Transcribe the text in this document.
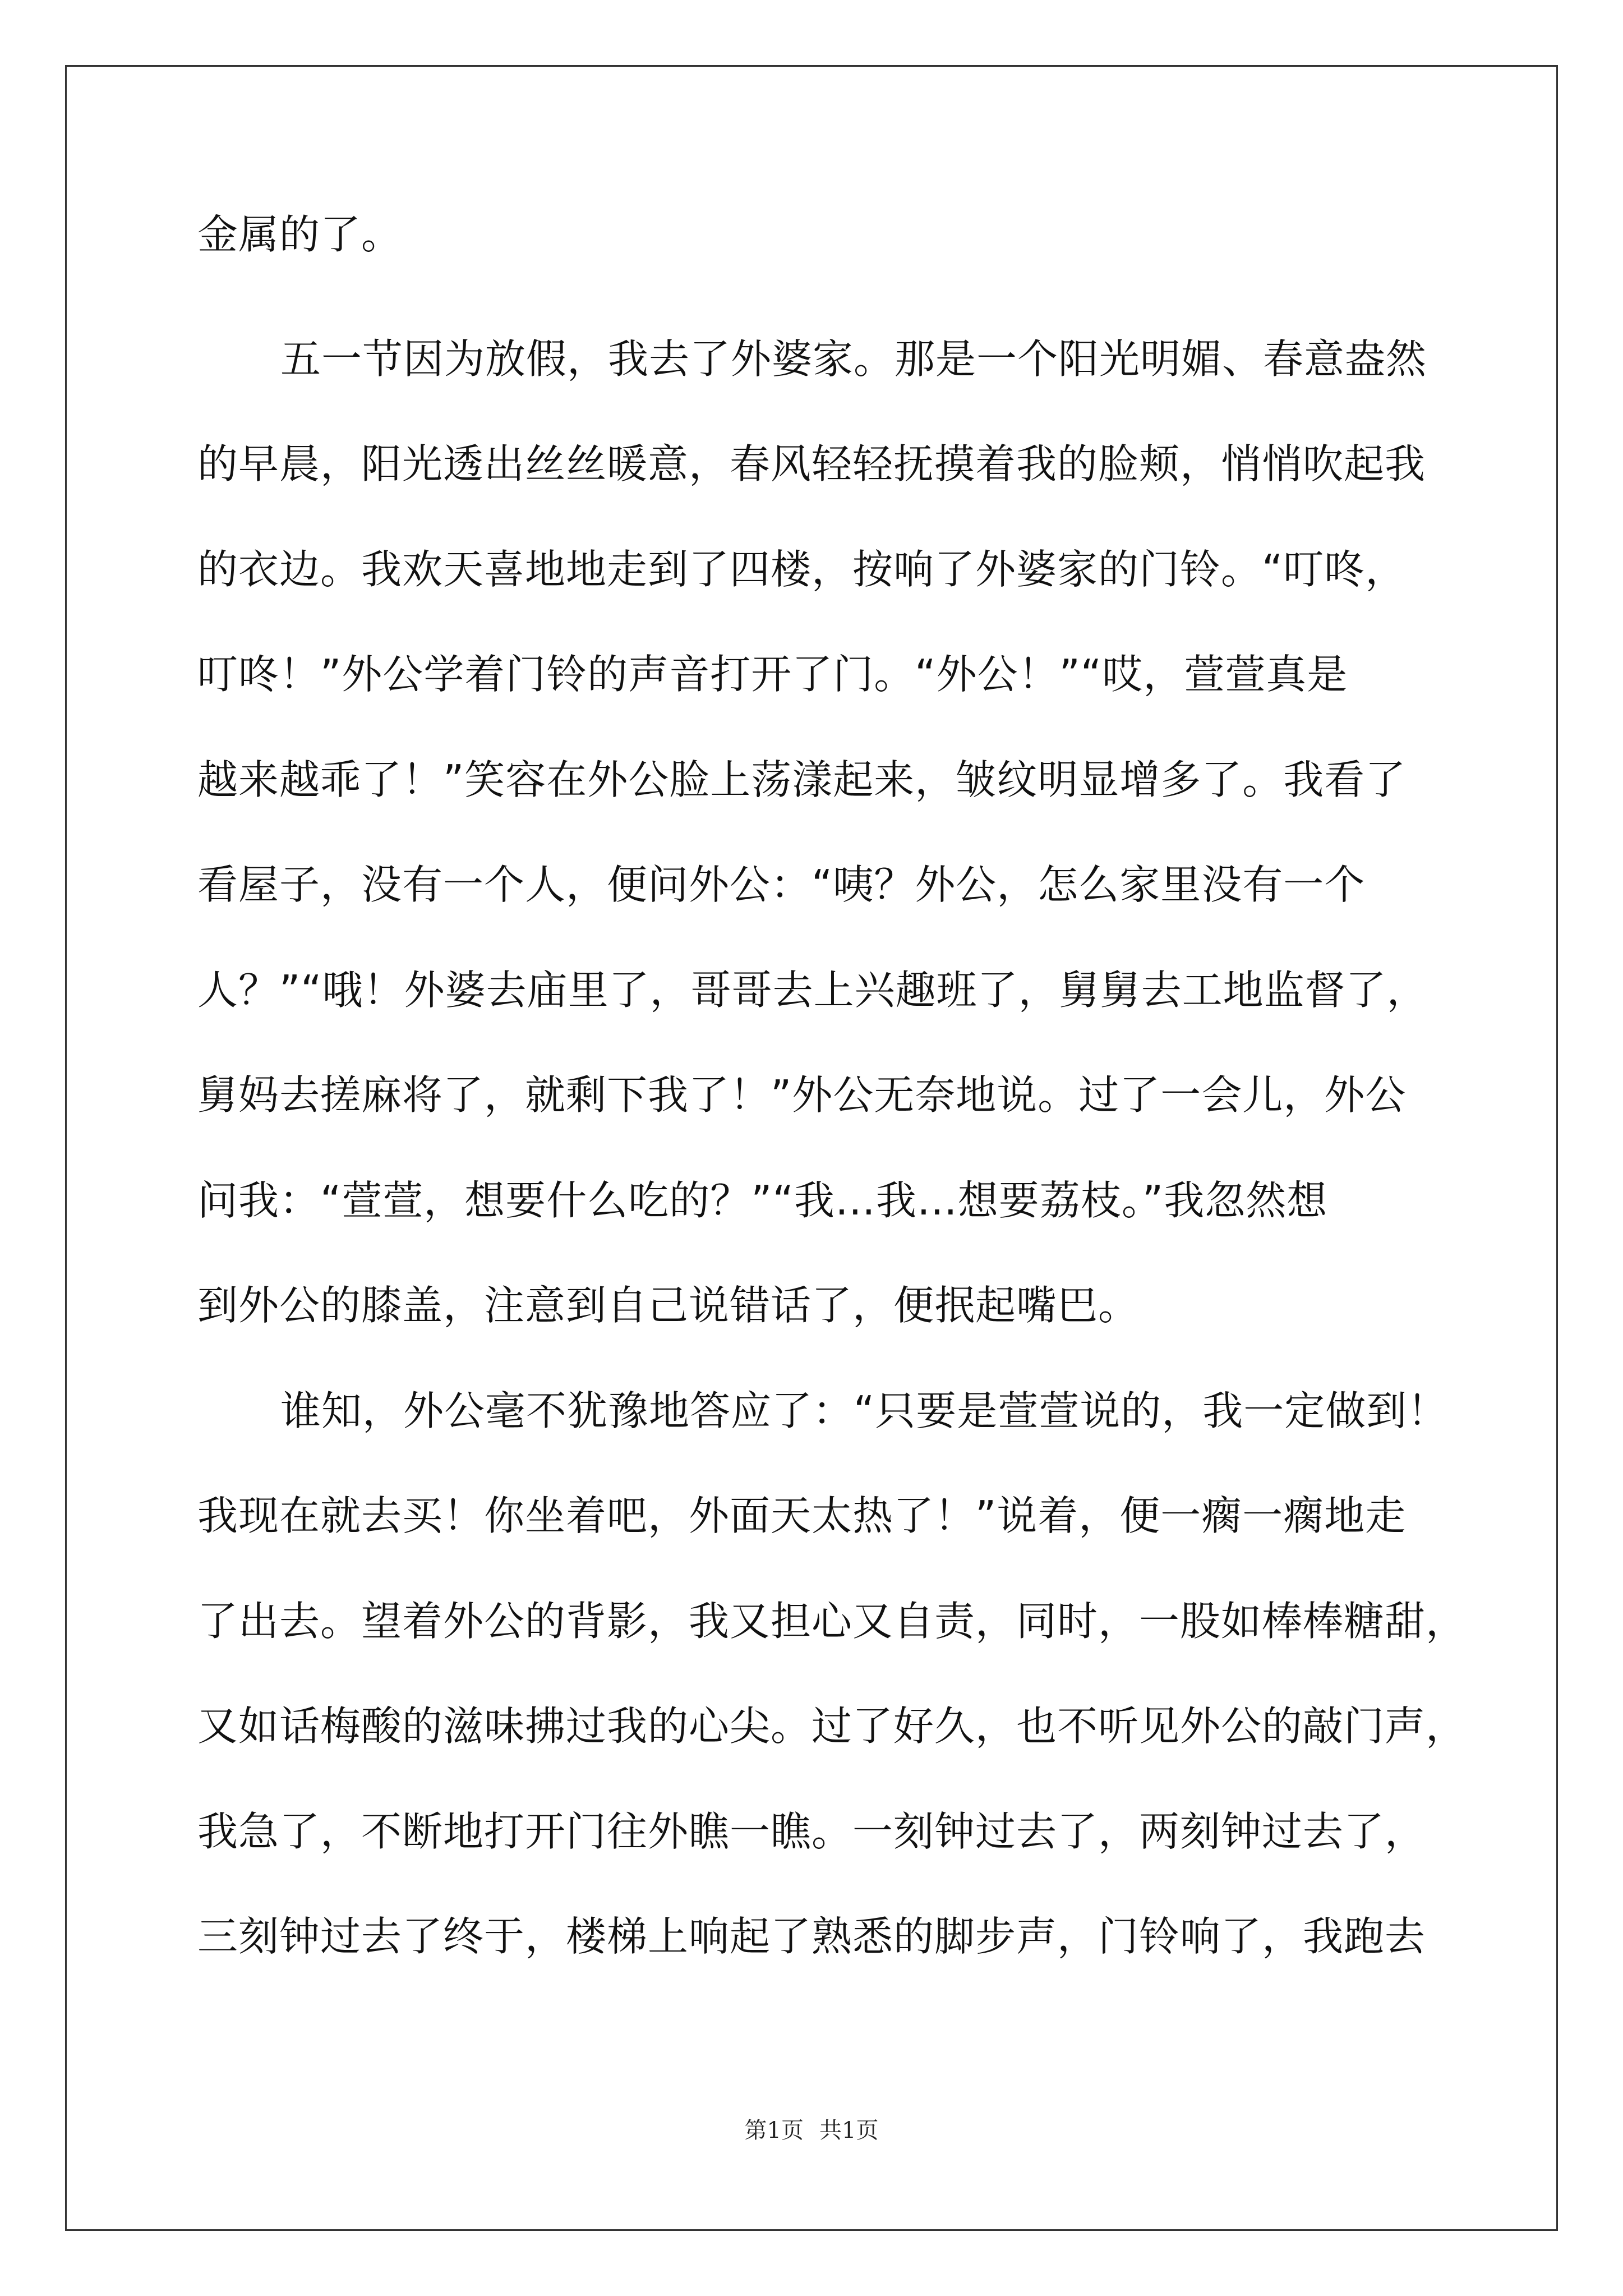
金属的了。
五一节因为放假，我去了外婆家。那是一个阳光明媚、春意盎然
的早晨，阳光透出丝丝暖意，春风轻轻抚摸着我的脸颊，悄悄吹起我
的衣边。我欢天喜地地走到了四楼，按响了外婆家的门铃。“叮咚，
叮咚！”外公学着门铃的声音打开了门。“外公！”“哎，萱萱真是
越来越乖了！”笑容在外公脸上荡漾起来，皱纹明显增多了。我看了
看屋子，没有一个人，便问外公：“咦？外公，怎么家里没有一个
人？”“哦！外婆去庙里了，哥哥去上兴趣班了，舅舅去工地监督了，
舅妈去搓麻将了，就剩下我了！”外公无奈地说。过了一会儿，外公
问我：“萱萱，想要什么吃的？”“我…我…想要荔枝。”我忽然想
到外公的膝盖，注意到自己说错话了，便抿起嘴巴。
谁知，外公毫不犹豫地答应了：“只要是萱萱说的，我一定做到！
我现在就去买！你坐着吧，外面天太热了！”说着，便一瘸一瘸地走
了出去。望着外公的背影，我又担心又自责，同时，一股如棒棒糖甜，
又如话梅酸的滋味拂过我的心尖。过了好久，也不听见外公的敲门声，
我急了，不断地打开门往外瞧一瞧。一刻钟过去了，两刻钟过去了，
三刻钟过去了终于，楼梯上响起了熟悉的脚步声，门铃响了，我跑去
第1页 共1页
